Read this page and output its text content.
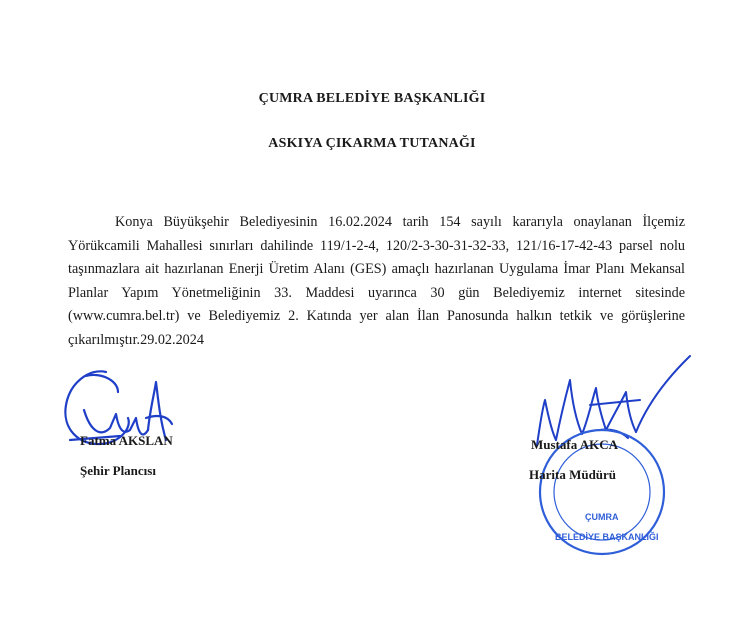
ÇUMRA BELEDİYE BAŞKANLIĞI
ASKIYA ÇIKARMA TUTANAĞI
Konya Büyükşehir Belediyesinin 16.02.2024 tarih 154 sayılı kararıyla onaylanan İlçemiz Yörükcamili Mahallesi sınırları dahilinde 119/1-2-4, 120/2-3-30-31-32-33, 121/16-17-42-43 parsel nolu taşınmazlara ait hazırlanan Enerji Üretim Alanı (GES) amaçlı hazırlanan Uygulama İmar Planı Mekansal Planlar Yapım Yönetmeliğinin 33. Maddesi uyarınca 30 gün Belediyemiz internet sitesinde (www.cumra.bel.tr) ve Belediyemiz 2. Katında yer alan İlan Panosunda halkın tetkik ve görüşlerine çıkarılmıştır.29.02.2024
ÇUMRA
BELEDİYE BAŞKANLIĞI
Fatma AKSLAN
Şehir Plancısı
Mustafa AKCA
Harita Müdürü
